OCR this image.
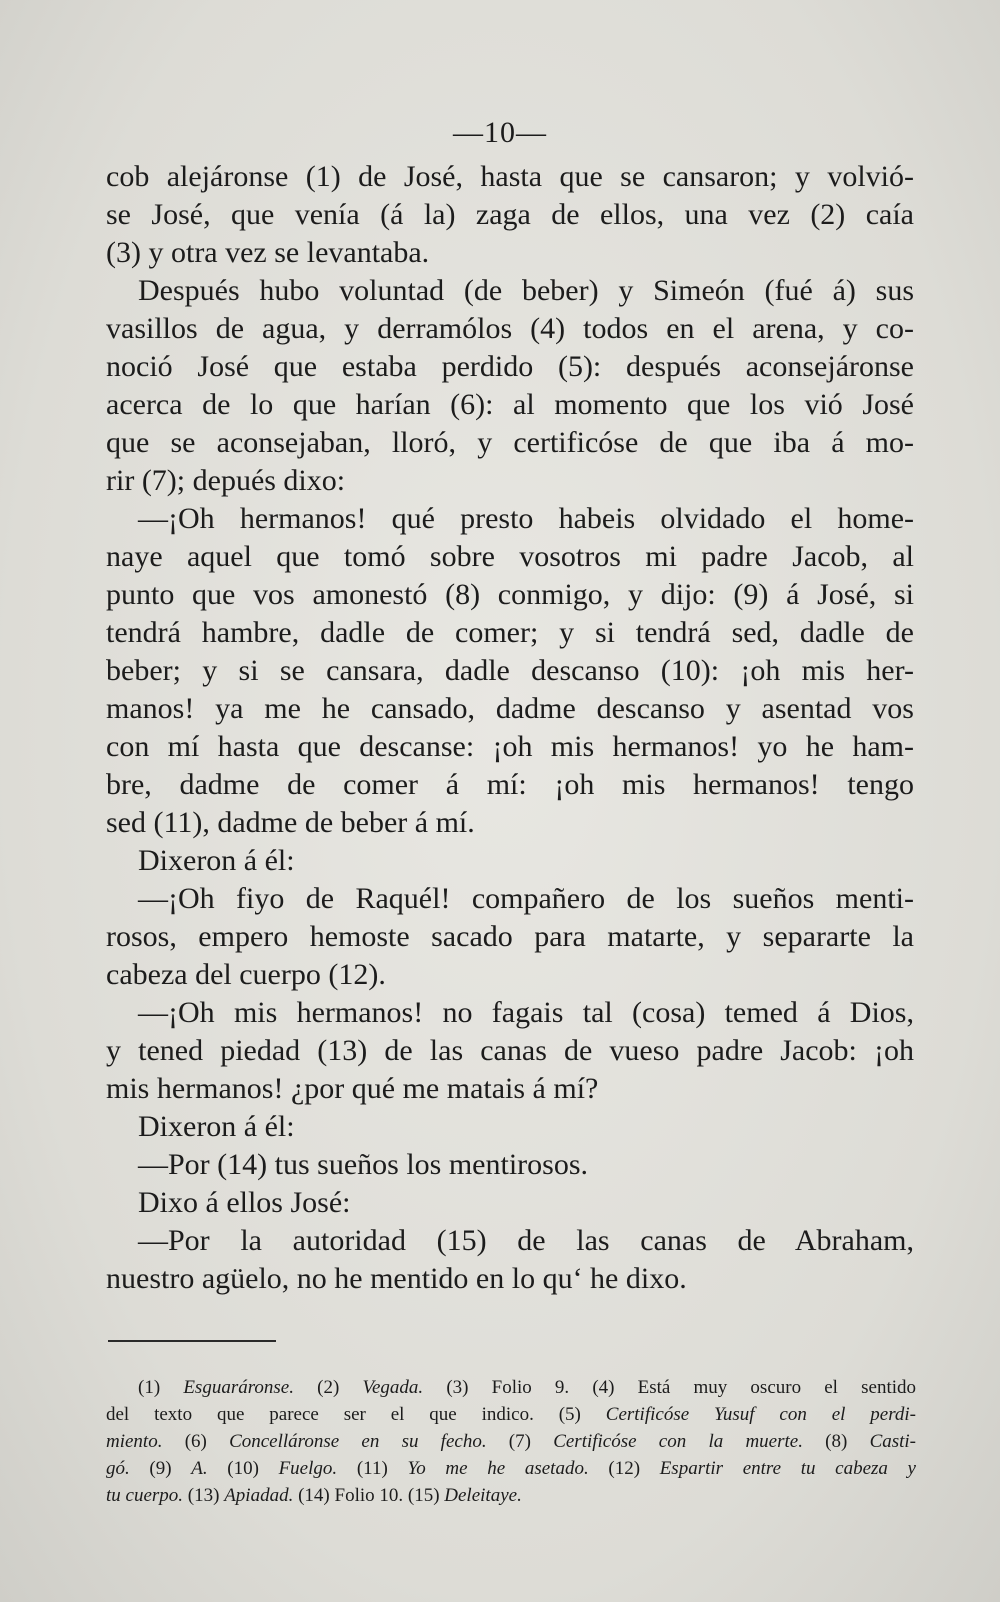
—10—
cob alejáronse (1) de José, hasta que se cansaron; y volvió-
se José, que venía (á la) zaga de ellos, una vez (2) caía
(3) y otra vez se levantaba.
Después hubo voluntad (de beber) y Simeón (fué á) sus
vasillos de agua, y derramólos (4) todos en el arena, y co-
noció José que estaba perdido (5): después aconsejáronse
acerca de lo que harían (6): al momento que los vió José
que se aconsejaban, lloró, y certificóse de que iba á mo-
rir (7); depués dixo:
—¡Oh hermanos! qué presto habeis olvidado el home-
naye aquel que tomó sobre vosotros mi padre Jacob, al
punto que vos amonestó (8) conmigo, y dijo: (9) á José, si
tendrá hambre, dadle de comer; y si tendrá sed, dadle de
beber; y si se cansara, dadle descanso (10): ¡oh mis her-
manos! ya me he cansado, dadme descanso y asentad vos
con mí hasta que descanse: ¡oh mis hermanos! yo he ham-
bre, dadme de comer á mí: ¡oh mis hermanos! tengo
sed (11), dadme de beber á mí.
Dixeron á él:
—¡Oh fiyo de Raquél! compañero de los sueños menti-
rosos, empero hemoste sacado para matarte, y separarte la
cabeza del cuerpo (12).
—¡Oh mis hermanos! no fagais tal (cosa) temed á Dios,
y tened piedad (13) de las canas de vueso padre Jacob: ¡oh
mis hermanos! ¿por qué me matais á mí?
Dixeron á él:
—Por (14) tus sueños los mentirosos.
Dixo á ellos José:
—Por la autoridad (15) de las canas de Abraham,
nuestro agüelo, no he mentido en lo qu‘ he dixo.
(1) Esguaráronse. (2) Vegada. (3) Folio 9. (4) Está muy oscuro el sentido
del texto que parece ser el que indico. (5) Certificóse Yusuf con el perdi-
miento. (6) Concelláronse en su fecho. (7) Certificóse con la muerte. (8) Casti-
gó. (9) A. (10) Fuelgo. (11) Yo me he asetado. (12) Espartir entre tu cabeza y
tu cuerpo. (13) Apiadad. (14) Folio 10. (15) Deleitaye.
